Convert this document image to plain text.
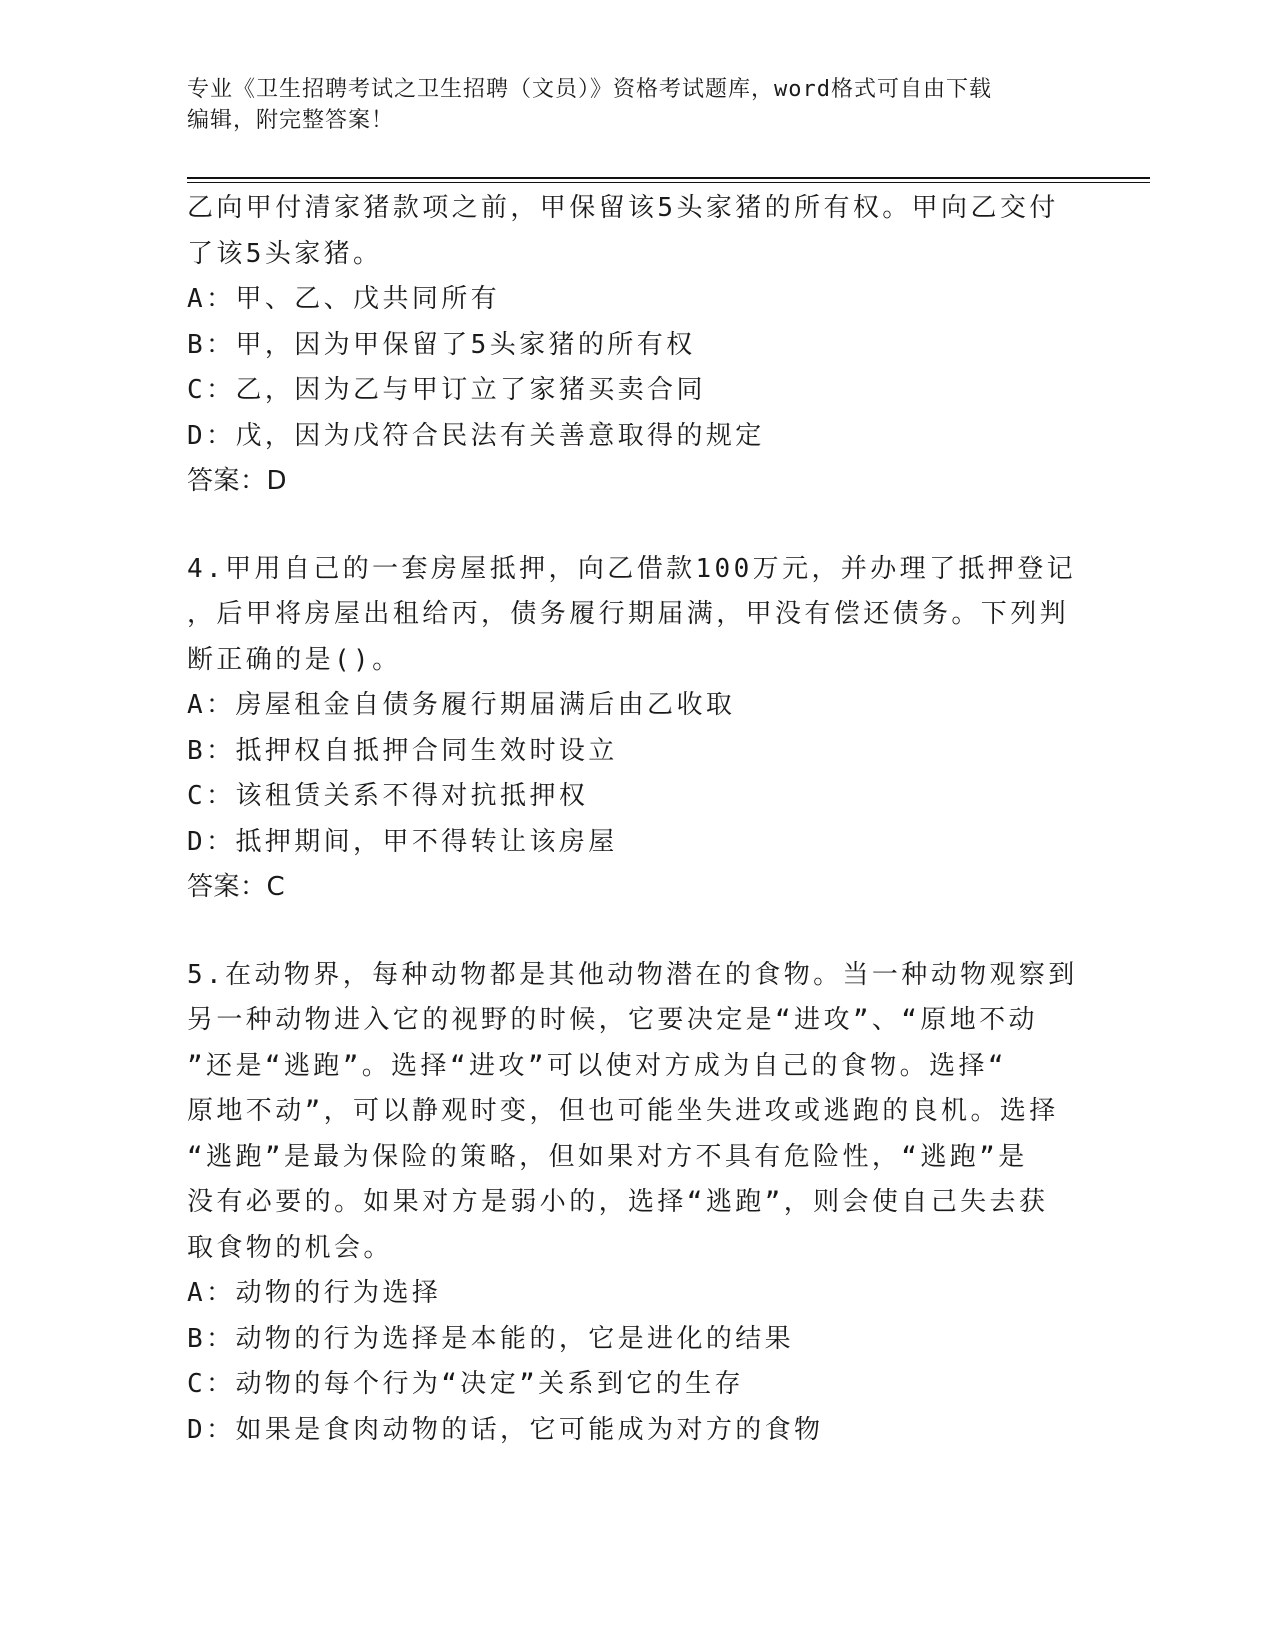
专业《卫生招聘考试之卫生招聘（文员）》资格考试题库，word格式可自由下载
编辑，附完整答案！
乙向甲付清家猪款项之前，甲保留该5头家猪的所有权。甲向乙交付
了该5头家猪。
A：甲、乙、戊共同所有
B：甲，因为甲保留了5头家猪的所有权
C：乙，因为乙与甲订立了家猪买卖合同
D：戊，因为戊符合民法有关善意取得的规定
答案：D
4.甲用自己的一套房屋抵押，向乙借款100万元，并办理了抵押登记
，后甲将房屋出租给丙，债务履行期届满，甲没有偿还债务。下列判
断正确的是()。
A：房屋租金自债务履行期届满后由乙收取
B：抵押权自抵押合同生效时设立
C：该租赁关系不得对抗抵押权
D：抵押期间，甲不得转让该房屋
答案：C
5.在动物界，每种动物都是其他动物潜在的食物。当一种动物观察到
另一种动物进入它的视野的时候，它要决定是“进攻”、“原地不动
”还是“逃跑”。选择“进攻”可以使对方成为自己的食物。选择“
原地不动”，可以静观时变，但也可能坐失进攻或逃跑的良机。选择
“逃跑”是最为保险的策略，但如果对方不具有危险性，“逃跑”是
没有必要的。如果对方是弱小的，选择“逃跑”，则会使自己失去获
取食物的机会。
A：动物的行为选择
B：动物的行为选择是本能的，它是进化的结果
C：动物的每个行为“决定”关系到它的生存
D：如果是食肉动物的话，它可能成为对方的食物
